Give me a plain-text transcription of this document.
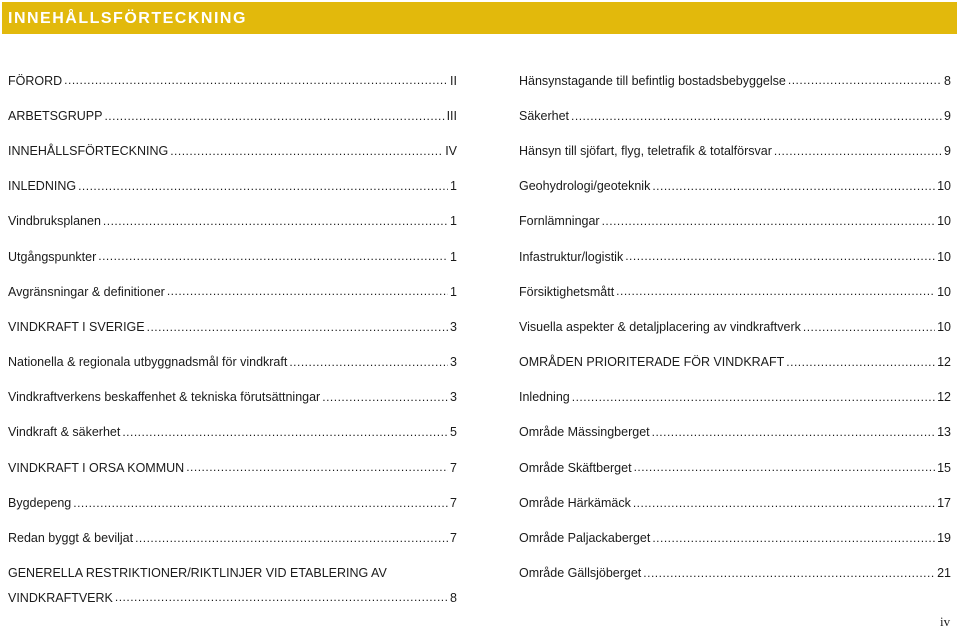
INNEHÅLLSFÖRTECKNING
FÖRORD .....	II
ARBETSGRUPP .....	III
INNEHÅLLSFÖRTECKNING .....	IV
INLEDNING .....	1
Vindbruksplanen .....	1
Utgångspunkter .....	1
Avgränsningar & definitioner .....	1
VINDKRAFT I SVERIGE .....	3
Nationella & regionala utbyggnadsmål för vindkraft .....	3
Vindkraftverkens beskaffenhet & tekniska förutsättningar .....	3
Vindkraft & säkerhet .....	5
VINDKRAFT I ORSA KOMMUN .....	7
Bygdepeng .....	7
Redan byggt & beviljat .....	7
GENERELLA RESTRIKTIONER/RIKTLINJER VID ETABLERING AV
VINDKRAFTVERK .....	8
Hänsynstagande till befintlig bostadsbebyggelse .....	8
Säkerhet .....	9
Hänsyn till sjöfart, flyg, teletrafik & totalförsvar .....	9
Geohydrologi/geoteknik .....	10
Fornlämningar .....	10
Infastruktur/logistik .....	10
Försiktighetsmått .....	10
Visuella aspekter & detaljplacering av vindkraftverk .....	10
OMRÅDEN PRIORITERADE FÖR VINDKRAFT .....	12
Inledning .....	12
Område Mässingberget .....	13
Område Skäftberget .....	15
Område Härkämäck .....	17
Område Paljackaberget .....	19
Område Gällsjöberget .....	21
iv
